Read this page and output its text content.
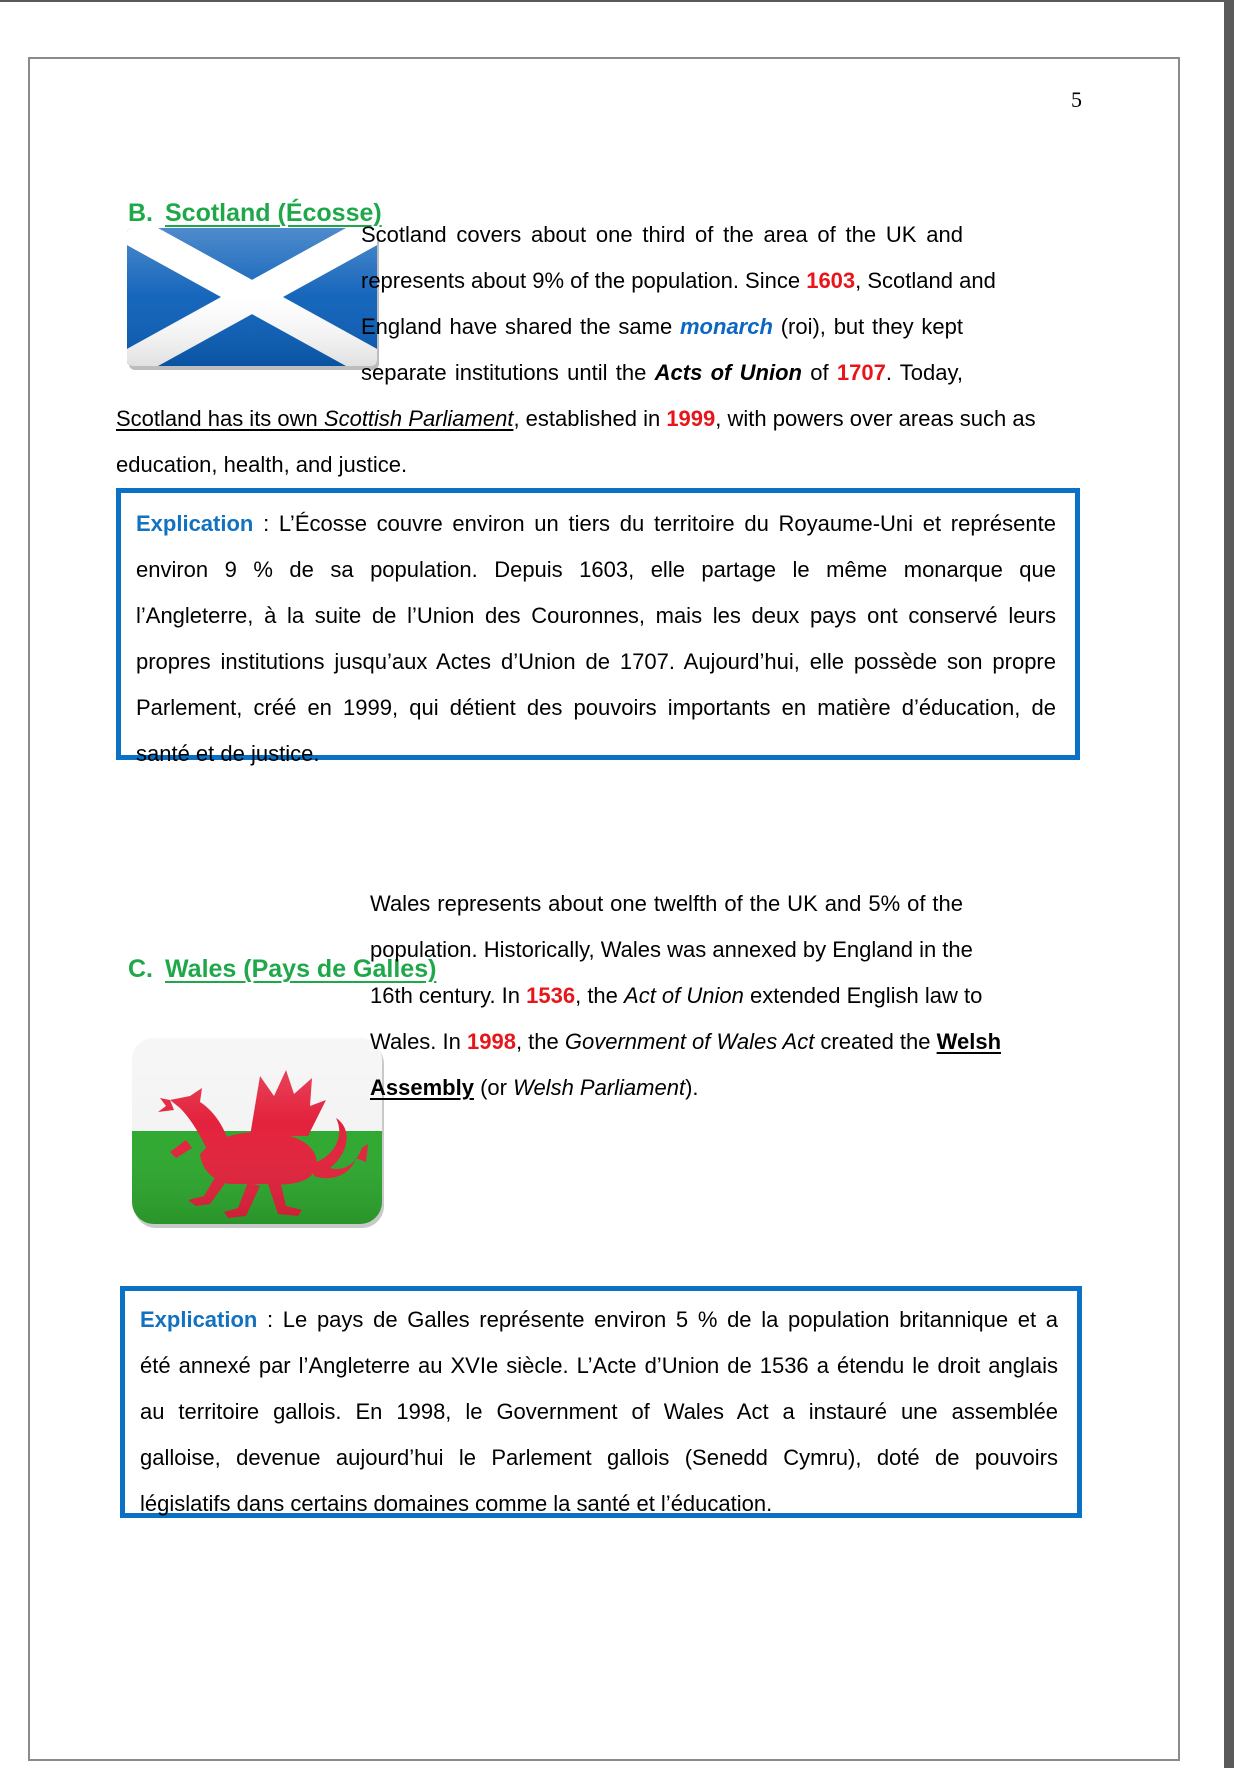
5
B. Scotland (Écosse)
Scotland covers about one third of the area of the UK and
represents about 9% of the population. Since 1603, Scotland and
England have shared the same monarch (roi), but they kept
separate institutions until the Acts of Union of 1707. Today,
Scotland has its own Scottish Parliament, established in 1999, with powers over areas such as
education, health, and justice.
Explication : L’Écosse couvre environ un tiers du territoire du Royaume-Uni et représente
environ 9 % de sa population. Depuis 1603, elle partage le même monarque que
l’Angleterre, à la suite de l’Union des Couronnes, mais les deux pays ont conservé leurs
propres institutions jusqu’aux Actes d’Union de 1707. Aujourd’hui, elle possède son propre
Parlement, créé en 1999, qui détient des pouvoirs importants en matière d’éducation, de
santé et de justice.
C. Wales (Pays de Galles)
Wales represents about one twelfth of the UK and 5% of the
population. Historically, Wales was annexed by England in the
16th century. In 1536, the Act of Union extended English law to
Wales. In 1998, the Government of Wales Act created the Welsh
Assembly (or Welsh Parliament).
Explication : Le pays de Galles représente environ 5 % de la population britannique et a
été annexé par l’Angleterre au XVIe siècle. L’Acte d’Union de 1536 a étendu le droit anglais
au territoire gallois. En 1998, le Government of Wales Act a instauré une assemblée
galloise, devenue aujourd’hui le Parlement gallois (Senedd Cymru), doté de pouvoirs
législatifs dans certains domaines comme la santé et l’éducation.
